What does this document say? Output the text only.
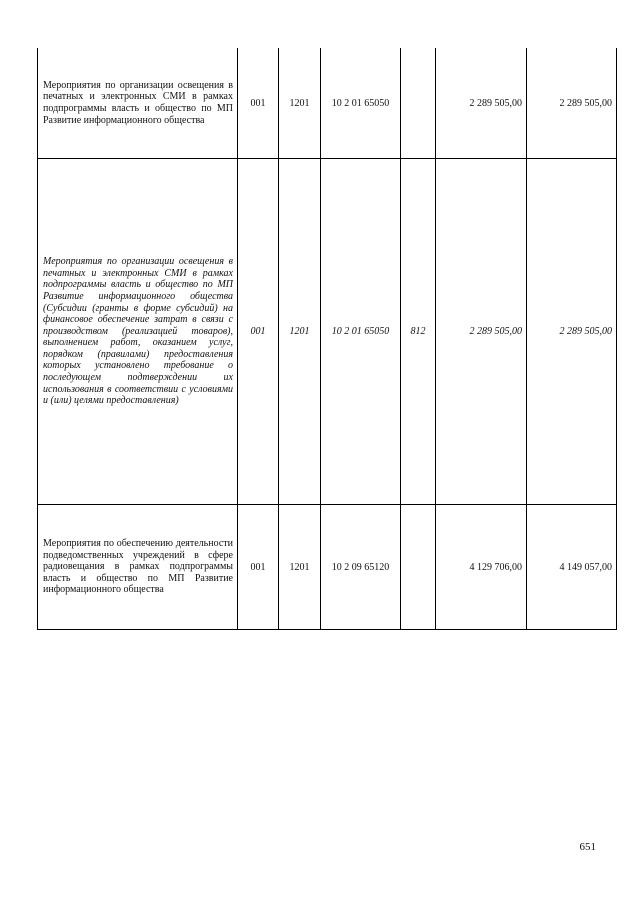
Мероприятия по организации освещения в печатных и электронных СМИ в рамках подпрограммы власть и общество по МП Развитие информационного общества	001	1201	10 2 01 65050		2 289 505,00	2 289 505,00
Мероприятия по организации освещения в печатных и электронных СМИ в рамках подпрограммы власть и общество по МП Развитие информационного общества (Субсидии (гранты в форме субсидий) на финансовое обеспечение затрат в связи с производством (реализацией товаров), выполнением работ, оказанием услуг, порядком (правилами) предоставления которых установлено требование о последующем подтверждении их использования в соответствии с условиями и (или) целями предоставления)	001	1201	10 2 01 65050	812	2 289 505,00	2 289 505,00
Мероприятия по обеспечению деятельности подведомственных учреждений в сфере радиовещания в рамках подпрограммы власть и общество по МП Развитие информационного общества	001	1201	10 2 09 65120		4 129 706,00	4 149 057,00
651
